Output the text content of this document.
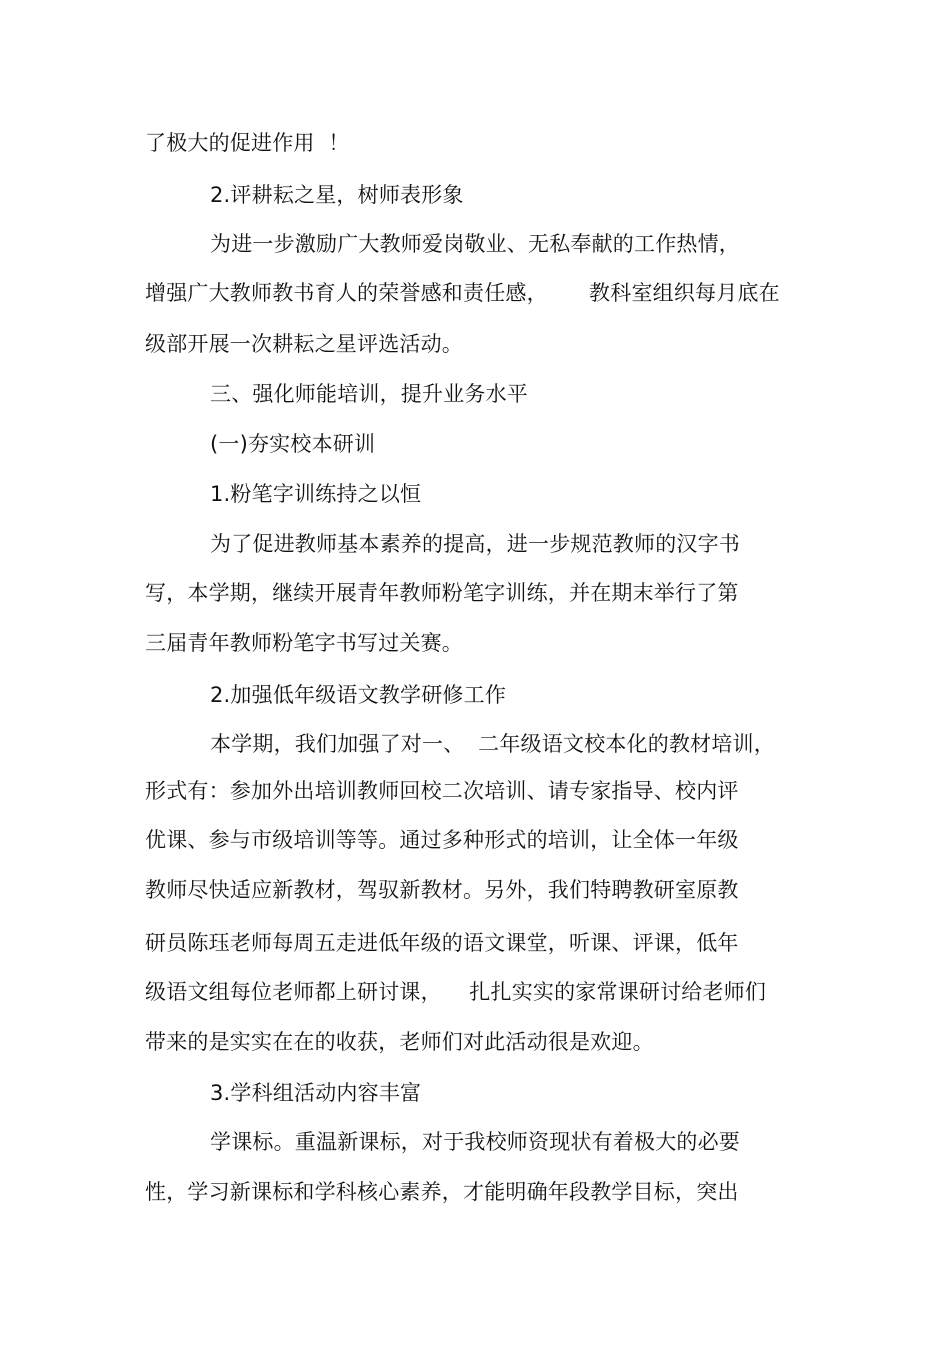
了极大的促进作用  ！
2.评耕耘之星，树师表形象
为进一步激励广大教师爱岗敬业、无私奉献的工作热情，
增强广大教师教书育人的荣誉感和责任感，      教科室组织每月底在
级部开展一次耕耘之星评选活动。
三、强化师能培训，提升业务水平
(一)夯实校本研训
1.粉笔字训练持之以恒
为了促进教师基本素养的提高，进一步规范教师的汉字书
写，本学期，继续开展青年教师粉笔字训练，并在期末举行了第
三届青年教师粉笔字书写过关赛。
2.加强低年级语文教学研修工作
本学期，我们加强了对一、  二年级语文校本化的教材培训，
形式有：参加外出培训教师回校二次培训、请专家指导、校内评
优课、参与市级培训等等。通过多种形式的培训，让全体一年级
教师尽快适应新教材，驾驭新教材。另外，我们特聘教研室原教
研员陈珏老师每周五走进低年级的语文课堂，听课、评课，低年
级语文组每位老师都上研讨课，    扎扎实实的家常课研讨给老师们
带来的是实实在在的收获，老师们对此活动很是欢迎。
3.学科组活动内容丰富
学课标。重温新课标，对于我校师资现状有着极大的必要
性，学习新课标和学科核心素养，才能明确年段教学目标，突出
